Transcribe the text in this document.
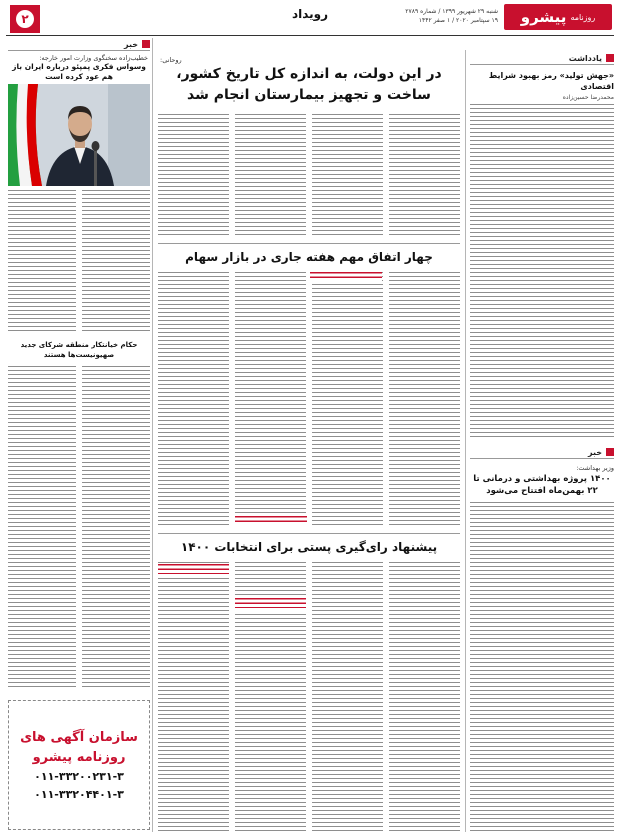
روزنامه
پیشرو
شنبه ۲۹ شهریور ۱۳۹۹ / شماره ۲۷۸۹
۱۹ سپتامبر ۲۰۲۰ / ۱ صفر ۱۴۴۲
رویداد
۲
یادداشت
«جهش تولید» رمز بهبود شرایط اقتصادی
محمدرضا حسین‌زاده
خبر
وزیر بهداشت:
۱۴۰۰ پروژه بهداشتی و درمانی تا ۲۲ بهمن‌ماه افتتاح می‌شود
روحانی:
در این دولت، به اندازه کل تاریخ کشور،
ساخت و تجهیز بیمارستان انجام شد
چهار اتفاق مهم هفته جاری در بازار سهام
پیشنهاد رای‌گیری پستی برای انتخابات ۱۴۰۰
خبر
خطیب‌زاده سخنگوی وزارت امور خارجه:
وسواس فکری پمپئو درباره ایران باز هم عود کرده است
حکام خیانتکار منطقه شرکای جدید صهیونیست‌ها هستند
سازمان آگهی های
روزنامه پیشرو
۰۱۱-۳۳۲۰۰۲۳۱-۳
۰۱۱-۳۳۲۰۴۴۰۱-۳
